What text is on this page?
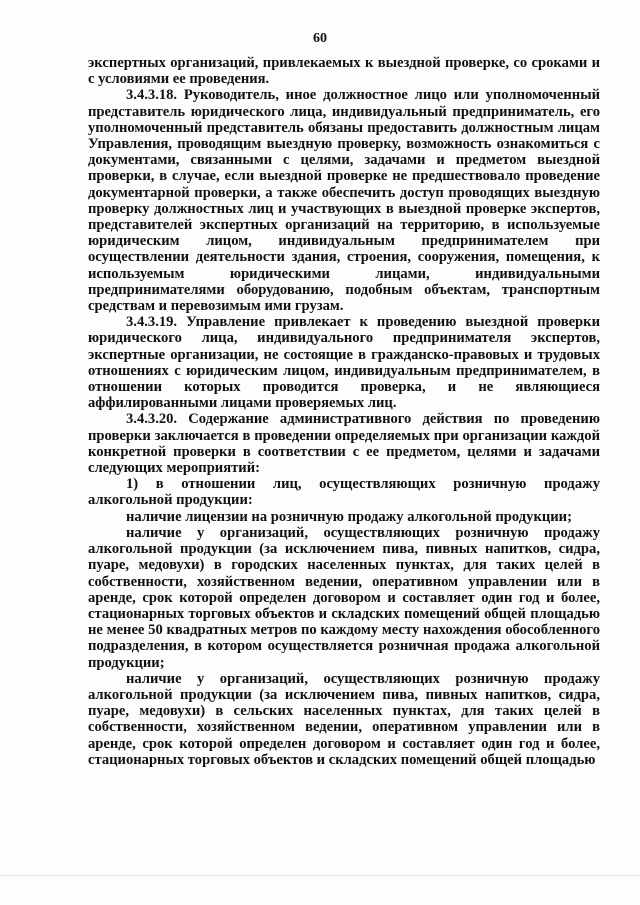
60

экспертных организаций, привлекаемых к выездной проверке, со сроками и с условиями ее проведения.

3.4.3.18. Руководитель, иное должностное лицо или уполномоченный представитель юридического лица, индивидуальный предприниматель, его уполномоченный представитель обязаны предоставить должностным лицам Управления, проводящим выездную проверку, возможность ознакомиться с документами, связанными с целями, задачами и предметом выездной проверки, в случае, если выездной проверке не предшествовало проведение документарной проверки, а также обеспечить доступ проводящих выездную проверку должностных лиц и участвующих в выездной проверке экспертов, представителей экспертных организаций на территорию, в используемые юридическим лицом, индивидуальным предпринимателем при осуществлении деятельности здания, строения, сооружения, помещения, к используемым юридическими лицами, индивидуальными предпринимателями оборудованию, подобным объектам, транспортным средствам и перевозимым ими грузам.

3.4.3.19. Управление привлекает к проведению выездной проверки юридического лица, индивидуального предпринимателя экспертов, экспертные организации, не состоящие в гражданско-правовых и трудовых отношениях с юридическим лицом, индивидуальным предпринимателем, в отношении которых проводится проверка, и не являющиеся аффилированными лицами проверяемых лиц.

3.4.3.20. Содержание административного действия по проведению проверки заключается в проведении определяемых при организации каждой конкретной проверки в соответствии с ее предметом, целями и задачами следующих мероприятий:

1) в отношении лиц, осуществляющих розничную продажу алкогольной продукции:

наличие лицензии на розничную продажу алкогольной продукции;

наличие у организаций, осуществляющих розничную продажу алкогольной продукции (за исключением пива, пивных напитков, сидра, пуаре, медовухи) в городских населенных пунктах, для таких целей в собственности, хозяйственном ведении, оперативном управлении или в аренде, срок которой определен договором и составляет один год и более, стационарных торговых объектов и складских помещений общей площадью не менее 50 квадратных метров по каждому месту нахождения обособленного подразделения, в котором осуществляется розничная продажа алкогольной продукции;

наличие у организаций, осуществляющих розничную продажу алкогольной продукции (за исключением пива, пивных напитков, сидра, пуаре, медовухи) в сельских населенных пунктах, для таких целей в собственности, хозяйственном ведении, оперативном управлении или в аренде, срок которой определен договором и составляет один год и более, стационарных торговых объектов и складских помещений общей площадью
